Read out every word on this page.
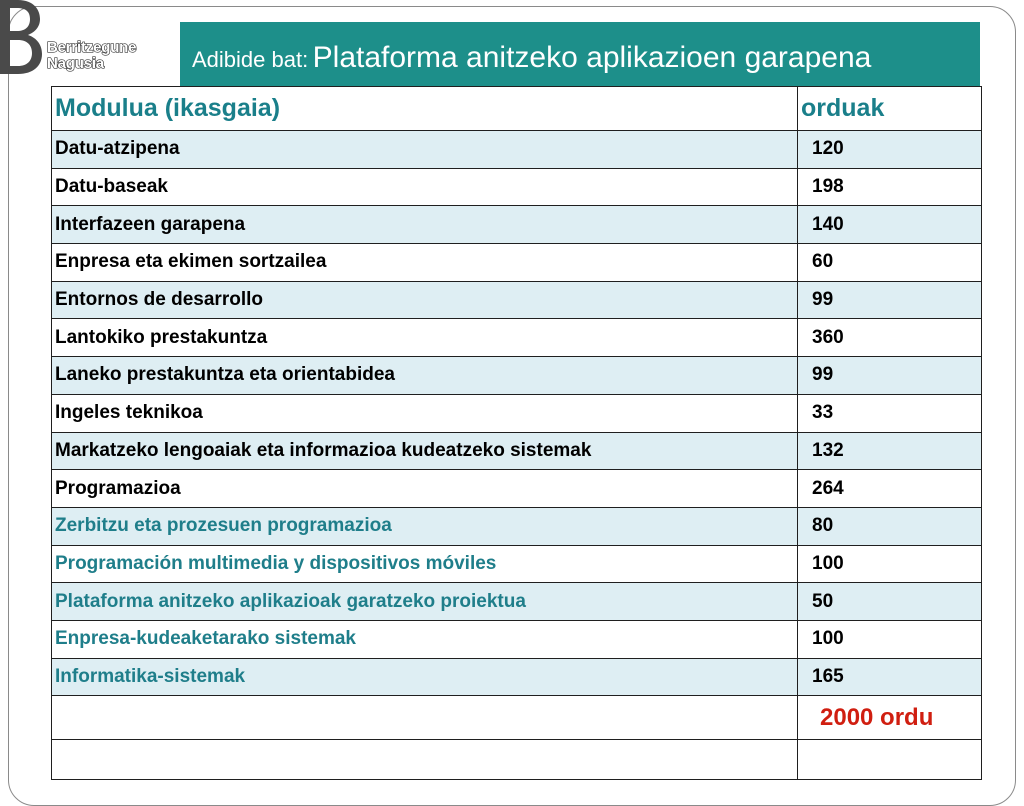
Berritzegune
Nagusia	Adibide bat: Plataforma anitzeko aplikazioen garapena
Modulua (ikasgaia)	orduak
Datu-atzipena	120
Datu-baseak	198
Interfazeen garapena	140
Enpresa eta ekimen sortzailea	60
Entornos de desarrollo	99
Lantokiko prestakuntza	360
Laneko prestakuntza eta orientabidea	99
Ingeles teknikoa	33
Markatzeko lengoaiak eta informazioa kudeatzeko sistemak	132
Programazioa	264
Zerbitzu eta prozesuen programazioa	80
Programación multimedia y dispositivos móviles	100
Plataforma anitzeko aplikazioak garatzeko proiektua	50
Enpresa-kudeaketarako sistemak	100
Informatika-sistemak	165
	2000 ordu
